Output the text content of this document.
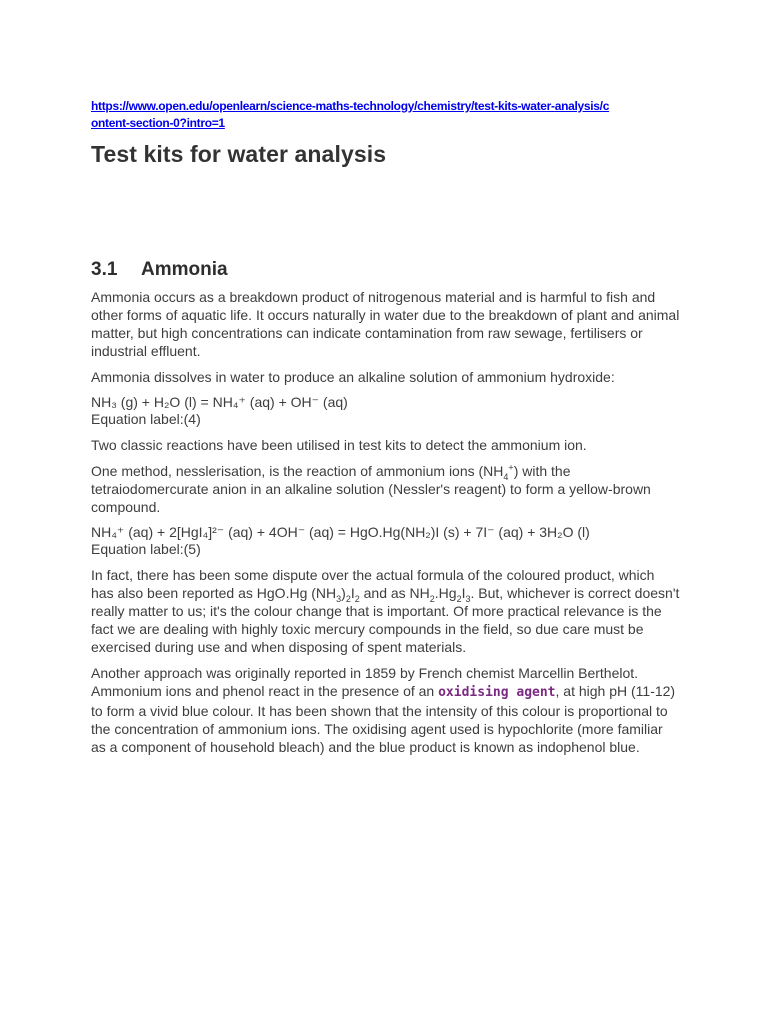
https://www.open.edu/openlearn/science-maths-technology/chemistry/test-kits-water-analysis/content-section-0?intro=1
Test kits for water analysis
3.1	Ammonia

Ammonia occurs as a breakdown product of nitrogenous material and is harmful to fish and other forms of aquatic life. It occurs naturally in water due to the breakdown of plant and animal matter, but high concentrations can indicate contamination from raw sewage, fertilisers or industrial effluent.

Ammonia dissolves in water to produce an alkaline solution of ammonium hydroxide:

NH₃ (g) + H₂O (l) = NH₄⁺ (aq) + OH⁻ (aq)

Equation label:(4)

Two classic reactions have been utilised in test kits to detect the ammonium ion.

One method, nesslerisation, is the reaction of ammonium ions $(NH_4^+)$ with the tetraiodomercurate anion in an alkaline solution (Nessler's reagent) to form a yellow-brown compound.

NH₄⁺ (aq) + 2[HgI₄]²⁻ (aq) + 4OH⁻ (aq) = HgO.Hg(NH₂)I (s) + 7I⁻ (aq) + 3H₂O (l)

Equation label:(5)

In fact, there has been some dispute over the actual formula of the coloured product, which has also been reported as HgO.Hg $(NH_3)_2I_2$ and as $NH_2.Hg_2I_3$. But, whichever is correct doesn't really matter to us; it's the colour change that is important. Of more practical relevance is the fact we are dealing with highly toxic mercury compounds in the field, so due care must be exercised during use and when disposing of spent materials.

Another approach was originally reported in 1859 by French chemist Marcellin Berthelot. Ammonium ions and phenol react in the presence of an oxidising agent, at high pH (11-12) to form a vivid blue colour. It has been shown that the intensity of this colour is proportional to the concentration of ammonium ions. The oxidising agent used is hypochlorite (more familiar as a component of household bleach) and the blue product is known as indophenol blue.
